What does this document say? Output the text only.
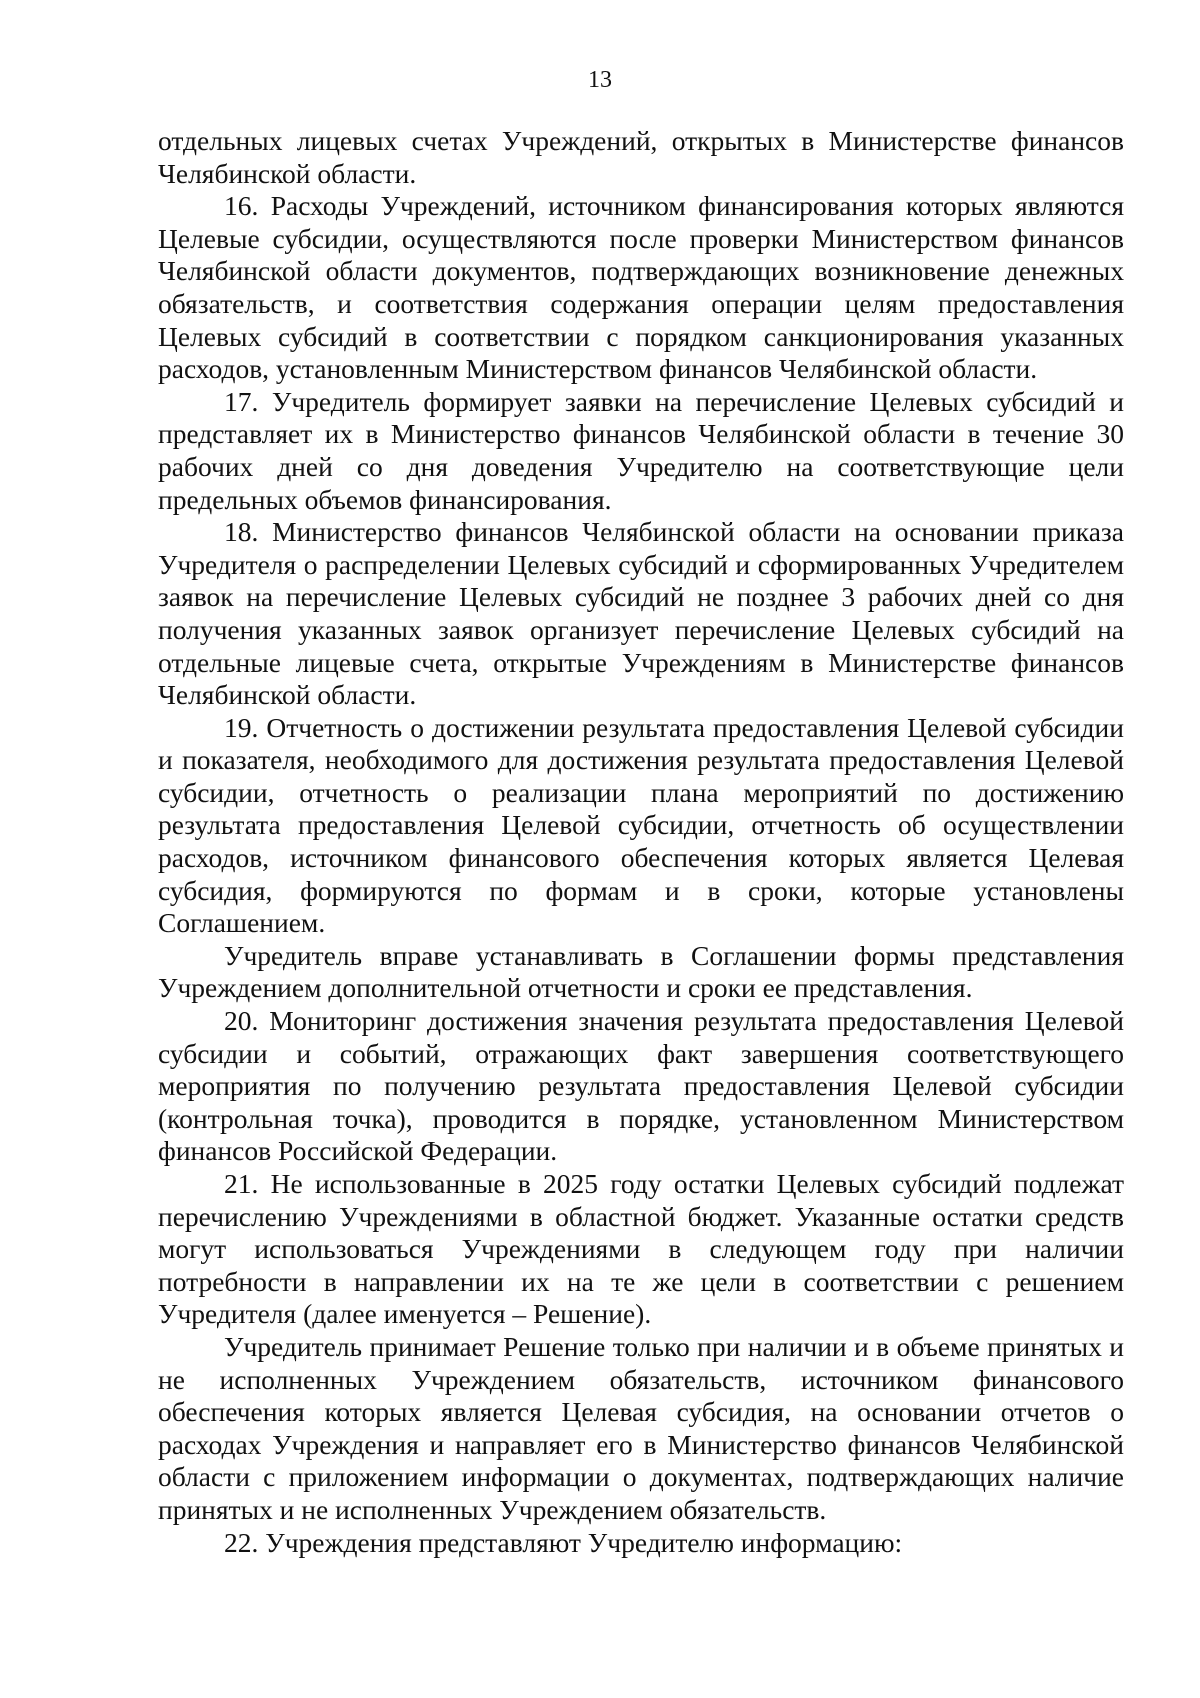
13

отдельных лицевых счетах Учреждений, открытых в Министерстве финансов Челябинской области.

16. Расходы Учреждений, источником финансирования которых являются Целевые субсидии, осуществляются после проверки Министерством финансов Челябинской области документов, подтверждающих возникновение денежных обязательств, и соответствия содержания операции целям предоставления Целевых субсидий в соответствии с порядком санкционирования указанных расходов, установленным Министерством финансов Челябинской области.

17. Учредитель формирует заявки на перечисление Целевых субсидий и представляет их в Министерство финансов Челябинской области в течение 30 рабочих дней со дня доведения Учредителю на соответствующие цели предельных объемов финансирования.

18. Министерство финансов Челябинской области на основании приказа Учредителя о распределении Целевых субсидий и сформированных Учредителем заявок на перечисление Целевых субсидий не позднее 3 рабочих дней со дня получения указанных заявок организует перечисление Целевых субсидий на отдельные лицевые счета, открытые Учреждениям в Министерстве финансов Челябинской области.

19. Отчетность о достижении результата предоставления Целевой субсидии и показателя, необходимого для достижения результата предоставления Целевой субсидии, отчетность о реализации плана мероприятий по достижению результата предоставления Целевой субсидии, отчетность об осуществлении расходов, источником финансового обеспечения которых является Целевая субсидия, формируются по формам и в сроки, которые установлены Соглашением.

Учредитель вправе устанавливать в Соглашении формы представления Учреждением дополнительной отчетности и сроки ее представления.

20. Мониторинг достижения значения результата предоставления Целевой субсидии и событий, отражающих факт завершения соответствующего мероприятия по получению результата предоставления Целевой субсидии (контрольная точка), проводится в порядке, установленном Министерством финансов Российской Федерации.

21. Не использованные в 2025 году остатки Целевых субсидий подлежат перечислению Учреждениями в областной бюджет. Указанные остатки средств могут использоваться Учреждениями в следующем году при наличии потребности в направлении их на те же цели в соответствии с решением Учредителя (далее именуется – Решение).

Учредитель принимает Решение только при наличии и в объеме принятых и не исполненных Учреждением обязательств, источником финансового обеспечения которых является Целевая субсидия, на основании отчетов о расходах Учреждения и направляет его в Министерство финансов Челябинской области с приложением информации о документах, подтверждающих наличие принятых и не исполненных Учреждением обязательств.

22. Учреждения представляют Учредителю информацию:
